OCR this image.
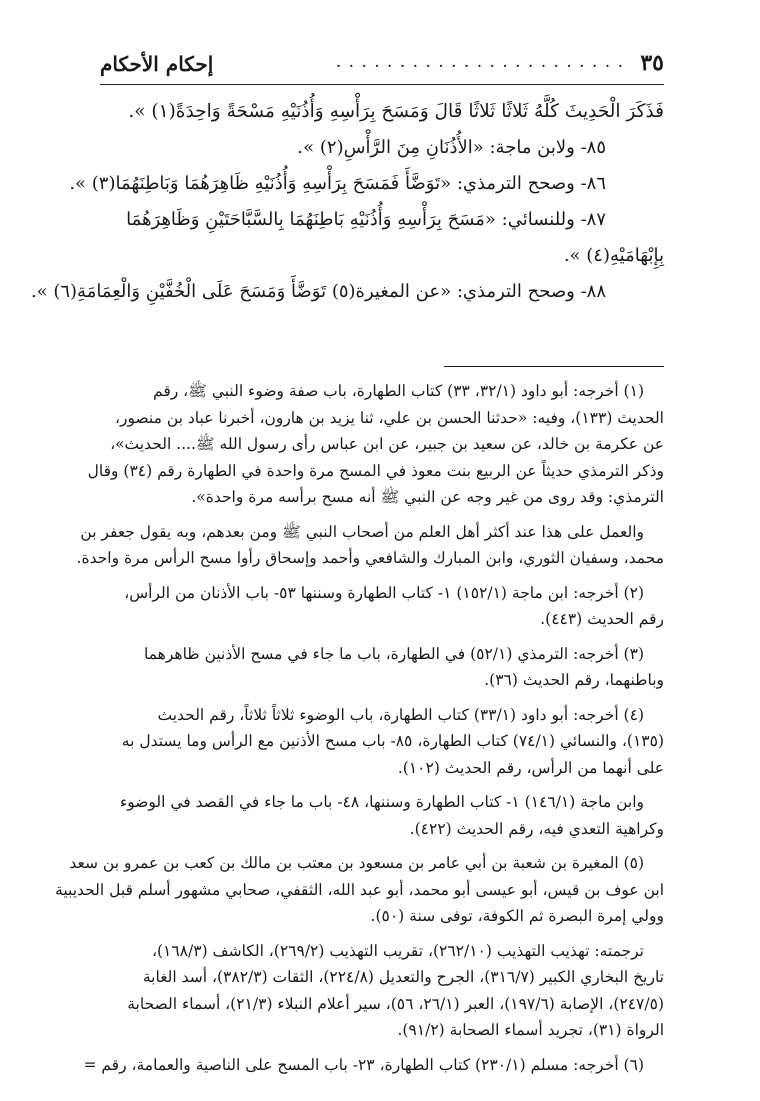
٣٥
. . . . . . . . . . . . . . . . . . . . . . .
إحكام الأحكام

فَذَكَرَ الْحَدِيثَ كُلَّهُ ثَلاثًا ثَلاثًا قَالَ وَمَسَحَ بِرَأْسِهِ وَأُذُنَيْهِ مَسْحَةً وَاحِدَةً(١) ».

٨٥- ولابن ماجة: «الأُذُنَانِ مِنَ الرَّأْسِ(٢) ».

٨٦- وصحح الترمذي: «تَوَضَّأَ فَمَسَحَ بِرَأْسِهِ وَأُذُنَيْهِ ظَاهِرَهُمَا وَبَاطِنَهُمَا(٣) ».

٨٧- وللنسائي: «مَسَحَ بِرَأْسِهِ وَأُذُنَيْهِ بَاطِنَهُمَا بِالسَّبَّاحَتَيْنِ وَظَاهِرَهُمَا

بِإِبْهَامَيْهِ(٤) ».

٨٨- وصحح الترمذي: «عن المغيرة(٥) تَوَضَّأَ وَمَسَحَ عَلَى الْخُفَّيْنِ وَالْعِمَامَةِ(٦) ».

(١) أخرجه: أبو داود (٣٢/١، ٣٣) كتاب الطهارة، باب صفة وضوء النبي ﷺ، رقم
الحديث (١٣٣)، وفيه: «حدثنا الحسن بن علي، ثنا يزيد بن هارون، أخبرنا عباد بن منصور،
عن عكرمة بن خالد، عن سعيد بن جبير، عن ابن عباس رأى رسول الله ﷺ.... الحديث»،
وذكر الترمذي حديثاً عن الربيع بنت معوذ في المسح مرة واحدة في الطهارة رقم (٣٤) وقال
الترمذي: وقد روى من غير وجه عن النبي ﷺ أنه مسح برأسه مرة واحدة».
والعمل على هذا عند أكثر أهل العلم من أصحاب النبي ﷺ ومن بعدهم، وبه يقول جعفر بن
محمد، وسفيان الثوري، وابن المبارك والشافعي وأحمد وإسحاق رأوا مسح الرأس مرة واحدة.
(٢) أخرجه: ابن ماجة (١٥٢/١) ١- كتاب الطهارة وسننها ٥٣- باب الأذنان من الرأس،
رقم الحديث (٤٤٣).
(٣) أخرجه: الترمذي (٥٢/١) في الطهارة، باب ما جاء في مسح الأذنين ظاهرهما
وباطنهما، رقم الحديث (٣٦).
(٤) أخرجه: أبو داود (٣٣/١) كتاب الطهارة، باب الوضوء ثلاثاً ثلاثاً، رقم الحديث
(١٣٥)، والنسائي (٧٤/١) كتاب الطهارة، ٨٥- باب مسح الأذنين مع الرأس وما يستدل به
على أنهما من الرأس، رقم الحديث (١٠٢).
وابن ماجة (١٤٦/١) ١- كتاب الطهارة وسننها، ٤٨- باب ما جاء في القصد في الوضوء
وكراهية التعدي فيه، رقم الحديث (٤٢٢).
(٥) المغيرة بن شعبة بن أبي عامر بن مسعود بن معتب بن مالك بن كعب بن عمرو بن سعد
ابن عوف بن قيس، أبو عيسى أبو محمد، أبو عبد الله، الثقفي، صحابي مشهور أسلم قبل الحديبية
وولي إمرة البصرة ثم الكوفة، توفى سنة (٥٠).
ترجمته: تهذيب التهذيب (٢٦٢/١٠)، تقريب التهذيب (٢٦٩/٢)، الكاشف (١٦٨/٣)،
تاريخ البخاري الكبير (٣١٦/٧)، الجرح والتعديل (٢٢٤/٨)، الثقات (٣٨٢/٣)، أسد الغابة
(٢٤٧/٥)، الإصابة (١٩٧/٦)، العبر (٢٦/١، ٥٦)، سير أعلام النبلاء (٢١/٣)، أسماء الصحابة
الرواة (٣١)، تجريد أسماء الصحابة (٩١/٢).
(٦) أخرجه: مسلم (٢٣٠/١) كتاب الطهارة، ٢٣- باب المسح على الناصية والعمامة، رقم =
